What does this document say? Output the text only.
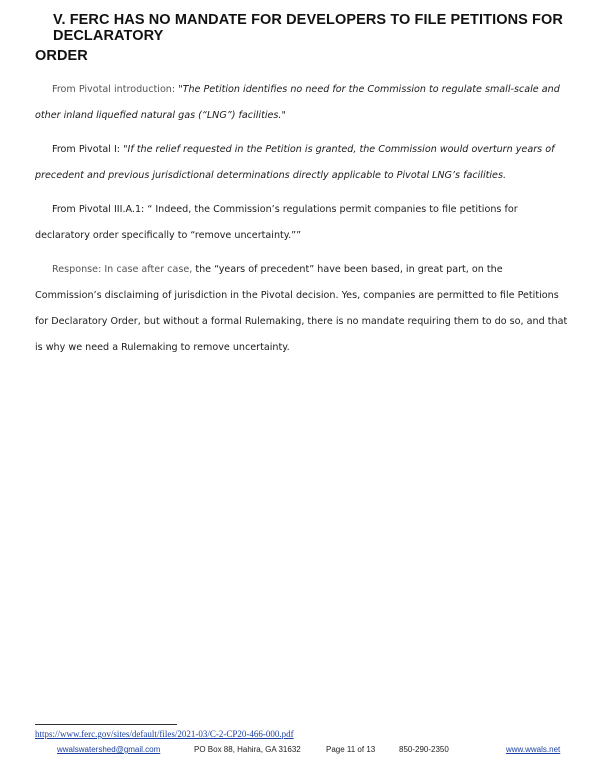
V. FERC HAS NO MANDATE FOR DEVELOPERS TO FILE PETITIONS FOR DECLARATORY
ORDER
From Pivotal introduction: "The Petition identifies no need for the Commission to regulate small-scale and other inland liquefied natural gas (“LNG”) facilities."
From Pivotal I: "If the relief requested in the Petition is granted, the Commission would overturn years of precedent and previous jurisdictional determinations directly applicable to Pivotal LNG’s facilities.
From Pivotal III.A.1: “ Indeed, the Commission’s regulations permit companies to file petitions for declaratory order specifically to “remove uncertainty.””
Response: In case after case, the “years of precedent” have been based, in great part, on the Commission’s disclaiming of jurisdiction in the Pivotal decision. Yes, companies are permitted to file Petitions for Declaratory Order, but without a formal Rulemaking, there is no mandate requiring them to do so, and that is why we need a Rulemaking to remove uncertainty.
https://www.ferc.gov/sites/default/files/2021-03/C-2-CP20-466-000.pdf
wwalswatershed@gmail.com	PO Box 88, Hahira, GA 31632	Page 11 of 13	850-290-2350	www.wwals.net
